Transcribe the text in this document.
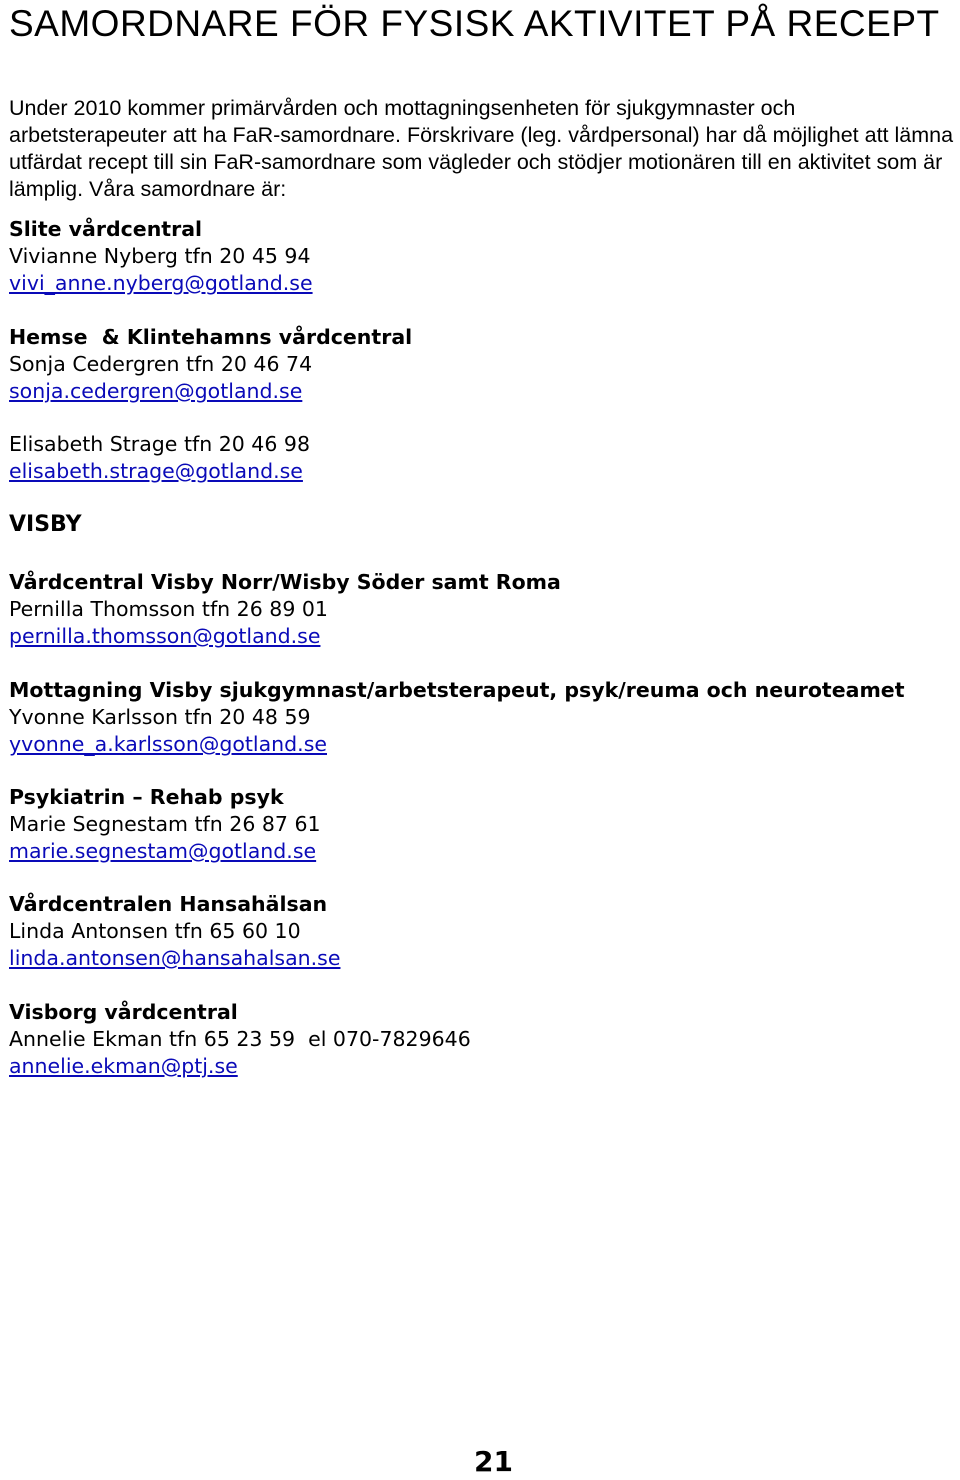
SAMORDNARE FÖR FYSISK AKTIVITET PÅ RECEPT

Under 2010 kommer primärvården och mottagningsenheten för sjukgymnaster och arbetsterapeuter att ha FaR-samordnare. Förskrivare (leg. vårdpersonal) har då möjlighet att lämna utfärdat recept till sin FaR-samordnare som vägleder och stödjer motionären till en aktivitet som är lämplig. Våra samordnare är:

Slite vårdcentral
Vivianne Nyberg tfn 20 45 94
vivi_anne.nyberg@gotland.se
Hemse  & Klintehamns vårdcentral
Sonja Cedergren tfn 20 46 74
sonja.cedergren@gotland.se
Elisabeth Strage tfn 20 46 98
elisabeth.strage@gotland.se
VISBY
Vårdcentral Visby Norr/Wisby Söder samt Roma
Pernilla Thomsson tfn 26 89 01
pernilla.thomsson@gotland.se
Mottagning Visby sjukgymnast/arbetsterapeut, psyk/reuma och neuroteamet
Yvonne Karlsson tfn 20 48 59
yvonne_a.karlsson@gotland.se
Psykiatrin – Rehab psyk
Marie Segnestam tfn 26 87 61
marie.segnestam@gotland.se
Vårdcentralen Hansahälsan
Linda Antonsen tfn 65 60 10
linda.antonsen@hansahalsan.se
Visborg vårdcentral
Annelie Ekman tfn 65 23 59  el 070-7829646
annelie.ekman@ptj.se
21
